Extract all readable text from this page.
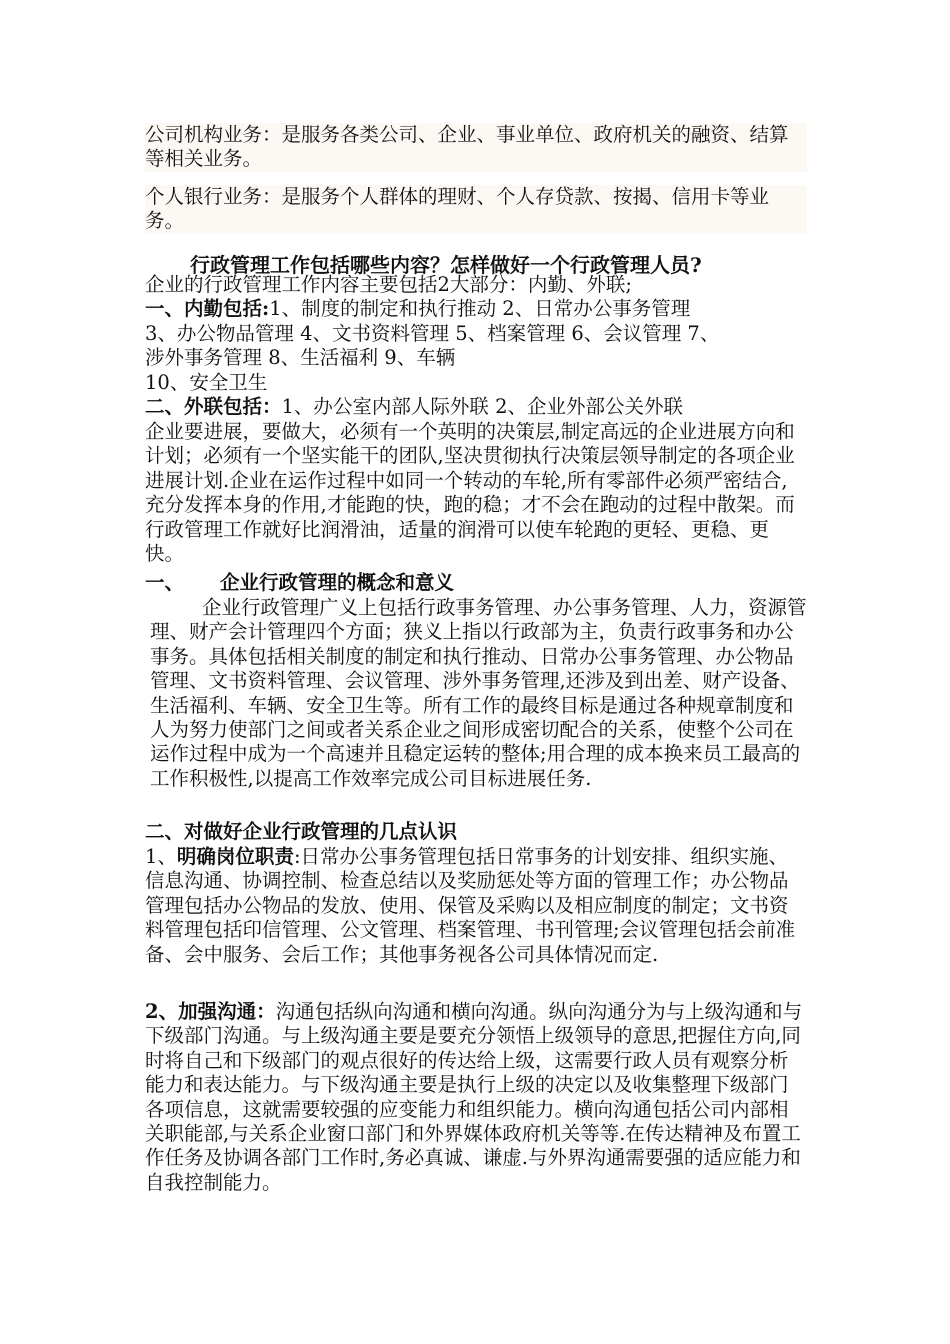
公司机构业务：是服务各类公司、企业、事业单位、政府机关的融资、结算等相关业务。

个人银行业务：是服务个人群体的理财、个人存贷款、按揭、信用卡等业务。

行政管理工作包括哪些内容？怎样做好一个行政管理人员?
企业的行政管理工作内容主要包括2大部分：内勤、外联;
一、内勤包括:1、制度的制定和执行推动 2、日常办公事务管理
3、办公物品管理 4、文书资料管理 5、档案管理 6、会议管理 7、
涉外事务管理 8、生活福利 9、车辆
10、安全卫生
二、外联包括：1、办公室内部人际外联 2、企业外部公关外联

企业要进展，要做大，必须有一个英明的决策层,制定高远的企业进展方向和计划；必须有一个坚实能干的团队,坚决贯彻执行决策层领导制定的各项企业进展计划.企业在运作过程中如同一个转动的车轮,所有零部件必须严密结合,充分发挥本身的作用,才能跑的快，跑的稳；才不会在跑动的过程中散架。而行政管理工作就好比润滑油，适量的润滑可以使车轮跑的更轻、更稳、更快。

一、 企业行政管理的概念和意义

企业行政管理广义上包括行政事务管理、办公事务管理、人力，资源管理、财产会计管理四个方面；狭义上指以行政部为主，负责行政事务和办公事务。具体包括相关制度的制定和执行推动、日常办公事务管理、办公物品管理、文书资料管理、会议管理、涉外事务管理,还涉及到出差、财产设备、生活福利、车辆、安全卫生等。所有工作的最终目标是通过各种规章制度和人为努力使部门之间或者关系企业之间形成密切配合的关系，使整个公司在运作过程中成为一个高速并且稳定运转的整体;用合理的成本换来员工最高的工作积极性,以提高工作效率完成公司目标进展任务.

二、对做好企业行政管理的几点认识

1、明确岗位职责:日常办公事务管理包括日常事务的计划安排、组织实施、信息沟通、协调控制、检查总结以及奖励惩处等方面的管理工作；办公物品管理包括办公物品的发放、使用、保管及采购以及相应制度的制定；文书资料管理包括印信管理、公文管理、档案管理、书刊管理;会议管理包括会前准备、会中服务、会后工作；其他事务视各公司具体情况而定.

2、加强沟通：沟通包括纵向沟通和横向沟通。纵向沟通分为与上级沟通和与下级部门沟通。与上级沟通主要是要充分领悟上级领导的意思,把握住方向,同时将自己和下级部门的观点很好的传达给上级，这需要行政人员有观察分析能力和表达能力。与下级沟通主要是执行上级的决定以及收集整理下级部门各项信息，这就需要较强的应变能力和组织能力。横向沟通包括公司内部相关职能部,与关系企业窗口部门和外界媒体政府机关等等.在传达精神及布置工作任务及协调各部门工作时,务必真诚、谦虚.与外界沟通需要强的适应能力和自我控制能力。
